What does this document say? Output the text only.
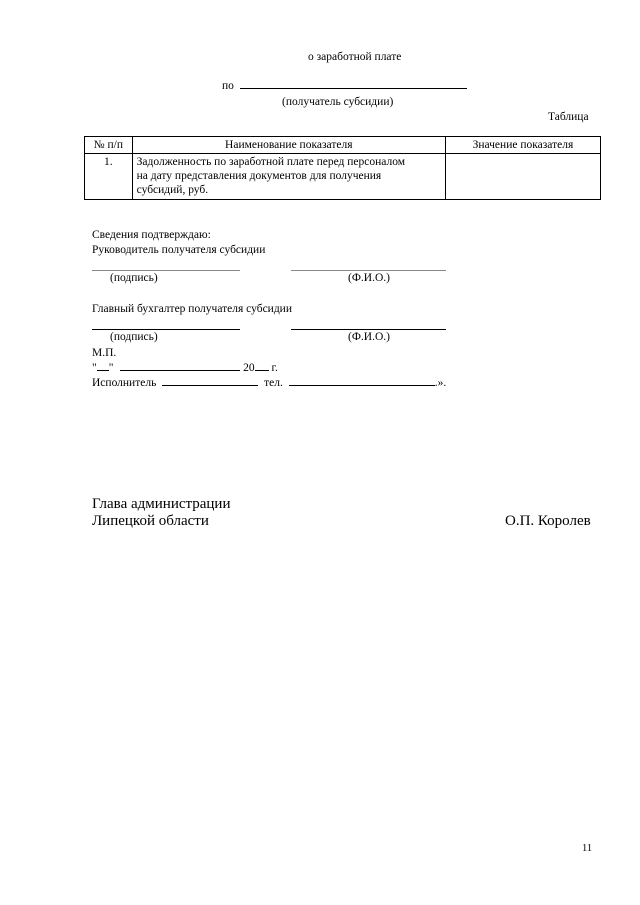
о заработной плате
по
(получатель субсидии)
Таблица
№ п/п	Наименование показателя	Значение показателя
1.	Задолженность по заработной плате перед персоналом
на дату представления документов для получения
субсидий, руб.	

Сведения подтверждаю:
Руководитель получателя субсидии
(подпись)	(Ф.И.О.)
Главный бухгалтер получателя субсидии
(подпись)	(Ф.И.О.)
М.П.
" "	20 г.
Исполнитель	тел.	.».
Глава администрации
Липецкой области	О.П. Королев
11
